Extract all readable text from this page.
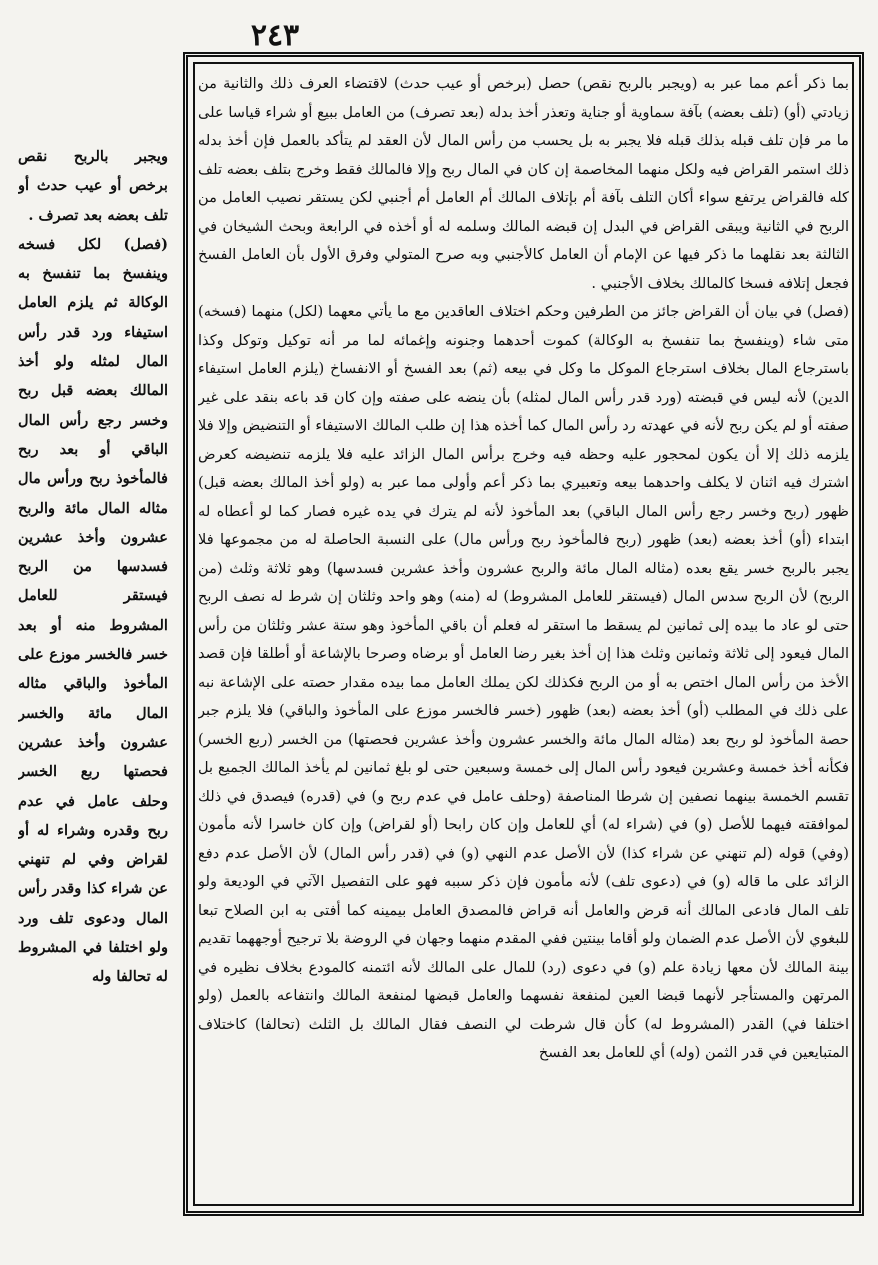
٢٤٣

بما ذكر أعم مما عبر به (ويجبر بالربح نقص) حصل (برخص أو عيب حدث) لاقتضاء العرف ذلك والثانية من زيادتي (أو) (تلف بعضه) بآفة سماوية أو جناية وتعذر أخذ بدله (بعد تصرف) من العامل ببيع أو شراء قياسا على ما مر فإن تلف قبله بذلك قبله فلا يجبر به بل يحسب من رأس المال لأن العقد لم يتأكد بالعمل فإن أخذ بدله ذلك استمر القراض فيه ولكل منهما المخاصمة إن كان في المال ربح وإلا فالمالك فقط وخرج بتلف بعضه تلف كله فالقراض يرتفع سواء أكان التلف بآفة أم بإتلاف المالك أم العامل أم أجنبي لكن يستقر نصيب العامل من الربح في الثانية ويبقى القراض في البدل إن قبضه المالك وسلمه له أو أخذه في الرابعة وبحث الشيخان في الثالثة بعد نقلهما ما ذكر فيها عن الإمام أن العامل كالأجنبي وبه صرح المتولي وفرق الأول بأن العامل الفسخ فجعل إتلافه فسخا كالمالك بخلاف الأجنبي .

(فصل) في بيان أن القراض جائز من الطرفين وحكم اختلاف العاقدين مع ما يأتي معهما (لكل) منهما (فسخه) متى شاء (وينفسخ بما تنفسخ به الوكالة) كموت أحدهما وجنونه وإغمائه لما مر أنه توكيل وتوكل وكذا باسترجاع المال بخلاف استرجاع الموكل ما وكل في بيعه (ثم) بعد الفسخ أو الانفساخ (يلزم العامل استيفاء الدين) لأنه ليس في قبضته (ورد قدر رأس المال لمثله) بأن ينضه على صفته وإن كان قد باعه بنقد على غير صفته أو لم يكن ربح لأنه في عهدته رد رأس المال كما أخذه هذا إن طلب المالك الاستيفاء أو التنضيض وإلا فلا يلزمه ذلك إلا أن يكون لمحجور عليه وحظه فيه وخرج برأس المال الزائد عليه فلا يلزمه تنضيضه كعرض اشترك فيه اثنان لا يكلف واحدهما بيعه وتعبيري بما ذكر أعم وأولى مما عبر به (ولو أخذ المالك بعضه قبل) ظهور (ربح وخسر رجع رأس المال الباقي) بعد المأخوذ لأنه لم يترك في يده غيره فصار كما لو أعطاه له ابتداء (أو) أخذ بعضه (بعد) ظهور (ربح فالمأخوذ ربح ورأس مال) على النسبة الحاصلة له من مجموعها فلا يجبر بالربح خسر يقع بعده (مثاله المال مائة والربح عشرون وأخذ عشرين فسدسها) وهو ثلاثة وثلث (من الربح) لأن الربح سدس المال (فيستقر للعامل المشروط) له (منه) وهو واحد وثلثان إن شرط له نصف الربح حتى لو عاد ما بيده إلى ثمانين لم يسقط ما استقر له فعلم أن باقي المأخوذ وهو ستة عشر وثلثان من رأس المال فيعود إلى ثلاثة وثمانين وثلث هذا إن أخذ بغير رضا العامل أو برضاه وصرحا بالإشاعة أو أطلقا فإن قصد الأخذ من رأس المال اختص به أو من الربح فكذلك لكن يملك العامل مما بيده مقدار حصته على الإشاعة نبه على ذلك في المطلب (أو) أخذ بعضه (بعد) ظهور (خسر فالخسر موزع على المأخوذ والباقي) فلا يلزم جبر حصة المأخوذ لو ربح بعد (مثاله المال مائة والخسر عشرون وأخذ عشرين فحصتها) من الخسر (ربع الخسر) فكأنه أخذ خمسة وعشرين فيعود رأس المال إلى خمسة وسبعين حتى لو بلغ ثمانين لم يأخذ المالك الجميع بل تقسم الخمسة بينهما نصفين إن شرطا المناصفة (وحلف عامل في عدم ربح و) في (قدره) فيصدق في ذلك لموافقته فيهما للأصل (و) في (شراء له) أي للعامل وإن كان رابحا (أو لقراض) وإن كان خاسرا لأنه مأمون (وفي) قوله (لم تنهني عن شراء كذا) لأن الأصل عدم النهي (و) في (قدر رأس المال) لأن الأصل عدم دفع الزائد على ما قاله (و) في (دعوى تلف) لأنه مأمون فإن ذكر سببه فهو على التفصيل الآتي في الوديعة ولو تلف المال فادعى المالك أنه قرض والعامل أنه قراض فالمصدق العامل بيمينه كما أفتى به ابن الصلاح تبعا للبغوي لأن الأصل عدم الضمان ولو أقاما بينتين ففي المقدم منهما وجهان في الروضة بلا ترجيح أوجههما تقديم بينة المالك لأن معها زيادة علم (و) في دعوى (رد) للمال على المالك لأنه ائتمنه كالمودع بخلاف نظيره في المرتهن والمستأجر لأنهما قبضا العين لمنفعة نفسهما والعامل قبضها لمنفعة المالك وانتفاعه بالعمل (ولو اختلفا في) القدر (المشروط له) كأن قال شرطت لي النصف فقال المالك بل الثلث (تحالفا) كاختلاف المتبايعين في قدر الثمن (وله) أي للعامل بعد الفسخ

ويجبر بالربح نقص برخص أو عيب حدث أو تلف بعضه بعد تصرف .

(فصل) لكل فسخه وينفسخ بما تنفسخ به الوكالة ثم يلزم العامل استيفاء ورد قدر رأس المال لمثله ولو أخذ المالك بعضه قبل ربح وخسر رجع رأس المال الباقي أو بعد ربح فالمأخوذ ربح ورأس مال مثاله المال مائة والربح عشرون وأخذ عشرين فسدسها من الربح فيستقر للعامل المشروط منه أو بعد خسر فالخسر موزع على المأخوذ والباقي مثاله المال مائة والخسر عشرون وأخذ عشرين فحصتها ربع الخسر وحلف عامل في عدم ربح وقدره وشراء له أو لقراض وفي لم تنهني عن شراء كذا وقدر رأس المال ودعوى تلف ورد ولو اختلفا في المشروط له تحالفا وله
